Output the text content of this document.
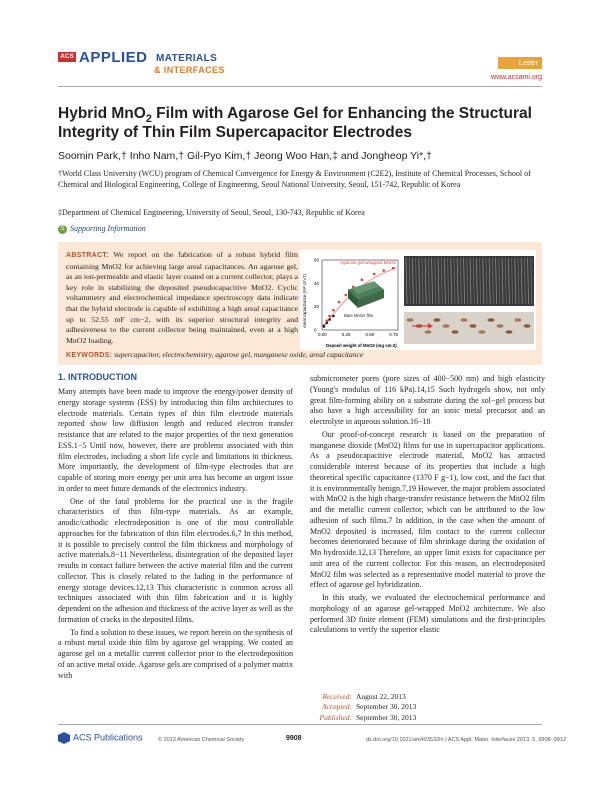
ACS APPLIED MATERIALS
& INTERFACES
Letter
www.acsami.org
Hybrid MnO$_2$ Film with Agarose Gel for Enhancing the Structural Integrity of Thin Film Supercapacitor Electrodes
Soomin Park,† Inho Nam,† Gil-Pyo Kim,† Jeong Woo Han,‡ and Jongheop Yi*,†
†World Class University (WCU) program of Chemical Convergence for Energy & Environment (C2E2), Institute of Chemical Processes, School of Chemical and Biological Engineering, College of Engineering, Seoul National University, Seoul, 151-742, Republic of Korea
‡Department of Chemical Engineering, University of Seoul, Seoul, 130-743, Republic of Korea
S Supporting Information
ABSTRACT: We report on the fabrication of a robust hybrid film containing MnO2 for achieving large areal capacitances. An agarose gel, as an ion-permeable and elastic layer coated on a current collector, plays a key role in stabilizing the deposited pseudocapacitive MnO2. Cyclic voltammetry and electrochemical impedance spectroscopy data indicate that the hybrid electrode is capable of exhibiting a high areal capacitance up to 52.55 mF cm−2, with its superior structural integrity and adhesiveness to the current collector being maintained, even at a high MnO2 loading.
0.00	0.25	0.50	0.75
0
20
40
60	Agarose gel wrapped MnO2
Bare MnO2 film
Areal capacitance (mF cm-2)
Deposit weight of MnO2 (mg cm-2)
KEYWORDS: supercapacitor, electrochemistry, agarose gel, manganese oxide, areal capacitance
1. INTRODUCTION

Many attempts have been made to improve the energy/power density of energy storage systems (ESS) by introducing thin film architectures to electrode materials. Certain types of thin film electrode materials reported show low diffusion length and reduced electron transfer resistance that are related to the major properties of the next generation ESS.1−5 Until now, however, there are problems associated with thin film electrodes, including a short life cycle and limitations in thickness. More importantly, the development of film-type electrodes that are capable of storing more energy per unit area has become an urgent issue in order to meet future demands of the electronics industry.

One of the fatal problems for the practical use is the fragile characteristics of thin film-type materials. As an example, anodic/cathodic electrodeposition is one of the most controllable approaches for the fabrication of thin film electrodes.6,7 In this method, it is possible to precisely control the film thickness and morphology of active materials.8−11 Nevertheless, disintegration of the deposited layer results in contact failure between the active material film and the current collector. This is closely related to the fading in the performance of energy storage devices.12,13 This characteristic is common across all techniques associated with thin film fabrication and it is highly dependent on the adhesion and thickness of the active layer as well as the formation of cracks in the deposited films.

To find a solution to these issues, we report herein on the synthesis of a robust metal oxide thin film by agarose gel wrapping. We coated an agarose gel on a metallic current collector prior to the electrodeposition of an active metal oxide. Agarose gels are comprised of a polymer matrix with

submicrometer pores (pore sizes of 400−500 nm) and high elasticity (Young's modulus of 116 kPa).14,15 Such hydrogels show, not only great film-forming ability on a substrate during the sol−gel process but also have a high accessibility for an ionic metal precursor and an electrolyte in aqueous solution.16−18

Our proof-of-concept research is based on the preparation of manganese dioxide (MnO2) films for use in supercapacitor applications. As a pseudocapacitive electrode material, MnO2 has attracted considerable interest because of its properties that include a high theoretical specific capacitance (1370 F g−1), low cost, and the fact that it is environmentally benign.7,19 However, the major problem associated with MnO2 is the high charge-transfer resistance between the MnO2 film and the metallic current collector, which can be attributed to the low adhesion of such films.7 In addition, in the case when the amount of MnO2 deposited is increased, film contact to the current collector becomes deteriorated because of film shrinkage during the oxidation of Mn hydroxide.12,13 Therefore, an upper limit exists for capacitance per unit area of the current collector. For this reason, an electrodeposited MnO2 film was selected as a representative model material to prove the effect of agarose gel hybridization.

In this study, we evaluated the electrochemical performance and morphology of an agarose gel-wrapped MnO2 architecture. We also performed 3D finite element (FEM) simulations and the first-principles calculations to verify the superior elastic

Received: August 22, 2013
Accepted: September 30, 2013
Published: September 30, 2013
ACS Publications	© 2013 American Chemical Society	9908	dx.doi.org/10.1021/am403532m | ACS Appl. Mater. Interfaces 2013, 5, 9908−9912
